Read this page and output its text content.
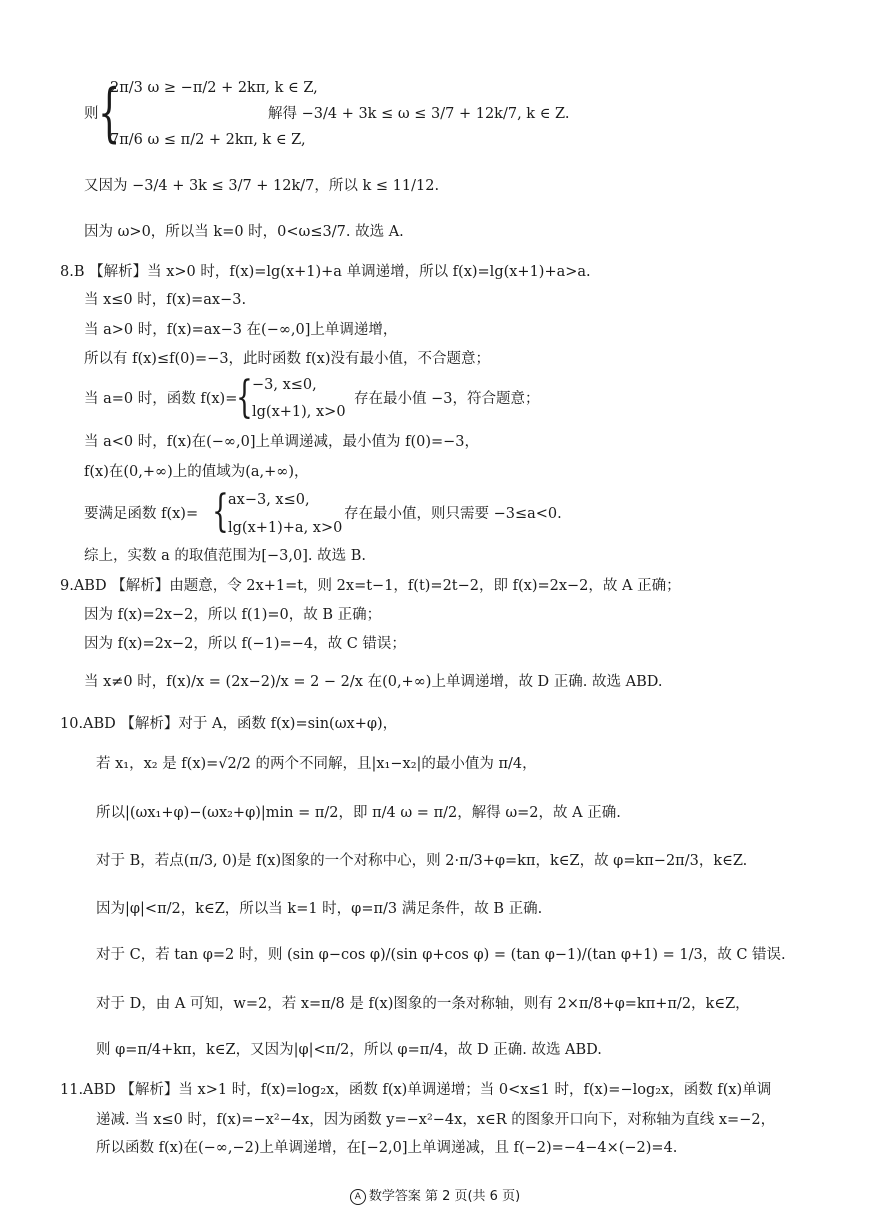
{
2π/3 ω ≥ −π/2 + 2kπ, k ∈ Z,
则	解得 −3/4 + 3k ≤ ω ≤ 3/7 + 12k/7, k ∈ Z.
7π/6 ω ≤ π/2 + 2kπ, k ∈ Z,
又因为 −3/4 + 3k ≤ 3/7 + 12k/7，所以 k ≤ 11/12.
因为 ω>0，所以当 k=0 时，0<ω≤3/7. 故选 A.
8.B 【解析】当 x>0 时，f(x)=lg(x+1)+a 单调递增，所以 f(x)=lg(x+1)+a>a.
当 x≤0 时，f(x)=ax−3.
当 a>0 时，f(x)=ax−3 在(−∞,0]上单调递增，
所以有 f(x)≤f(0)=−3，此时函数 f(x)没有最小值，不合题意；
当 a=0 时，函数 f(x)=
{ −3, x≤0,
lg(x+1), x>0
存在最小值 −3，符合题意；
当 a<0 时，f(x)在(−∞,0]上单调递减，最小值为 f(0)=−3，
f(x)在(0,+∞)上的值域为(a,+∞)，
要满足函数 f(x)= { ax−3, x≤0,
lg(x+1)+a, x>0
存在最小值，则只需要 −3≤a<0.
综上，实数 a 的取值范围为[−3,0]. 故选 B.
9.ABD 【解析】由题意，令 2x+1=t，则 2x=t−1，f(t)=2t−2，即 f(x)=2x−2，故 A 正确；
因为 f(x)=2x−2，所以 f(1)=0，故 B 正确；
因为 f(x)=2x−2，所以 f(−1)=−4，故 C 错误；
当 x≠0 时，f(x)/x = (2x−2)/x = 2 − 2/x 在(0,+∞)上单调递增，故 D 正确. 故选 ABD.
10.ABD 【解析】对于 A，函数 f(x)=sin(ωx+φ)，
若 x₁，x₂ 是 f(x)=√2/2 的两个不同解，且|x₁−x₂|的最小值为 π/4，
所以|(ωx₁+φ)−(ωx₂+φ)|min = π/2，即 π/4 ω = π/2，解得 ω=2，故 A 正确.
对于 B，若点(π/3, 0)是 f(x)图象的一个对称中心，则 2·π/3+φ=kπ，k∈Z，故 φ=kπ−2π/3，k∈Z.
因为|φ|<π/2，k∈Z，所以当 k=1 时，φ=π/3 满足条件，故 B 正确.
对于 C，若 tan φ=2 时，则 (sin φ−cos φ)/(sin φ+cos φ) = (tan φ−1)/(tan φ+1) = 1/3，故 C 错误.
对于 D，由 A 可知，w=2，若 x=π/8 是 f(x)图象的一条对称轴，则有 2×π/8+φ=kπ+π/2，k∈Z，
则 φ=π/4+kπ，k∈Z，又因为|φ|<π/2，所以 φ=π/4，故 D 正确. 故选 ABD.
11.ABD 【解析】当 x>1 时，f(x)=log₂x，函数 f(x)单调递增；当 0<x≤1 时，f(x)=−log₂x，函数 f(x)单调
递减. 当 x≤0 时，f(x)=−x²−4x，因为函数 y=−x²−4x，x∈R 的图象开口向下，对称轴为直线 x=−2，
所以函数 f(x)在(−∞,−2)上单调递增，在[−2,0]上单调递减，且 f(−2)=−4−4×(−2)=4.
A 数学答案 第 2 页(共 6 页)
